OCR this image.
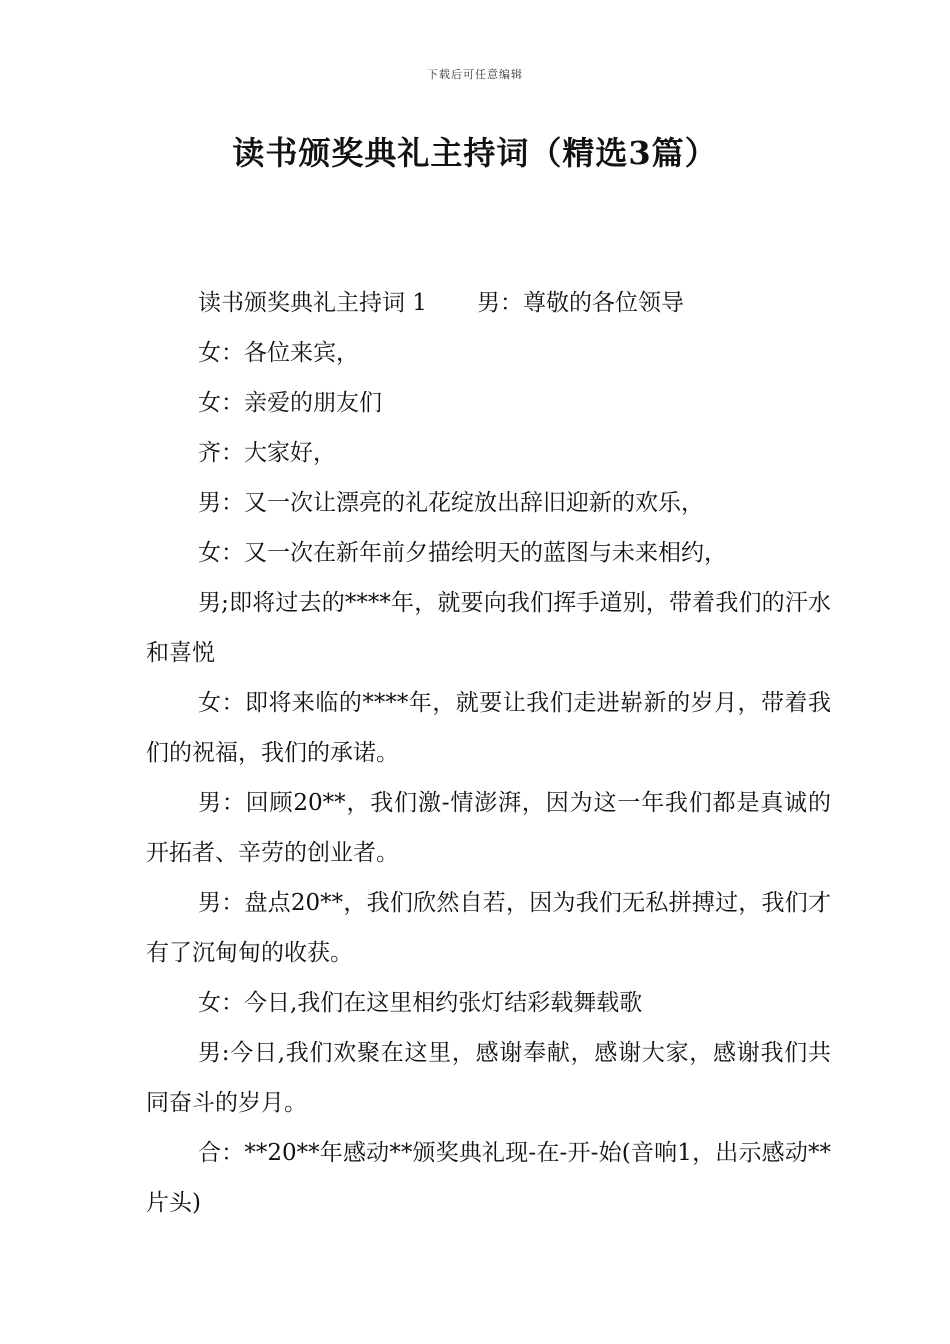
下载后可任意编辑
读书颁奖典礼主持词（精选3篇）

读书颁奖典礼主持词 1 男：尊敬的各位领导

女：各位来宾，

女：亲爱的朋友们

齐：大家好，

男：又一次让漂亮的礼花绽放出辞旧迎新的欢乐，

女：又一次在新年前夕描绘明天的蓝图与未来相约，

男;即将过去的****年，就要向我们挥手道别，带着我们的汗水和喜悦

女：即将来临的****年，就要让我们走进崭新的岁月，带着我们的祝福，我们的承诺。

男：回顾20**，我们激-情澎湃，因为这一年我们都是真诚的开拓者、辛劳的创业者。

男：盘点20**，我们欣然自若，因为我们无私拼搏过，我们才有了沉甸甸的收获。

女：今日,我们在这里相约张灯结彩载舞载歌

男:今日,我们欢聚在这里，感谢奉献，感谢大家，感谢我们共同奋斗的岁月。

合：**20**年感动**颁奖典礼现-在-开-始(音响1，出示感动**片头)
